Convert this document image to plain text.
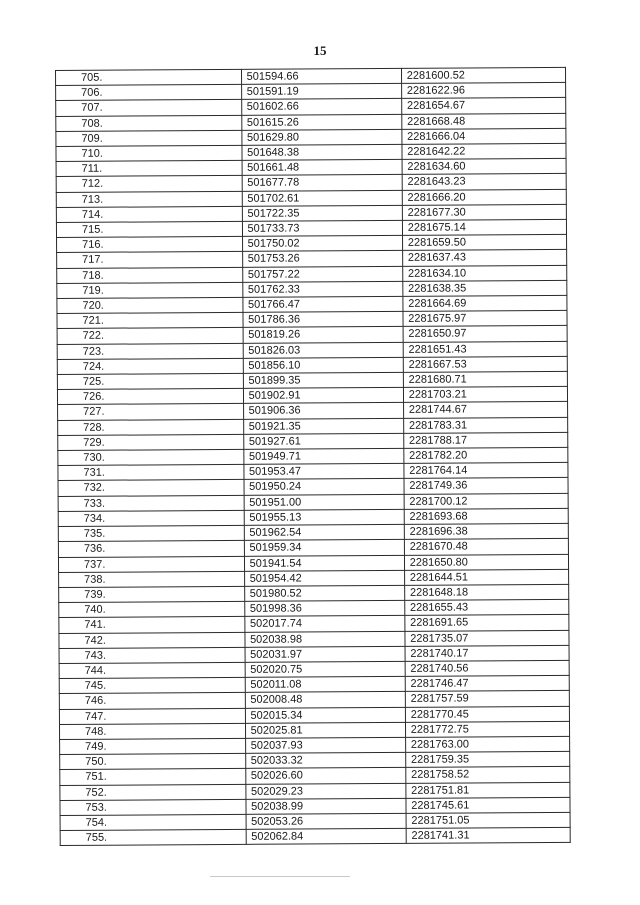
15
705.	501594.66	2281600.52
706.	501591.19	2281622.96
707.	501602.66	2281654.67
708.	501615.26	2281668.48
709.	501629.80	2281666.04
710.	501648.38	2281642.22
711.	501661.48	2281634.60
712.	501677.78	2281643.23
713.	501702.61	2281666.20
714.	501722.35	2281677.30
715.	501733.73	2281675.14
716.	501750.02	2281659.50
717.	501753.26	2281637.43
718.	501757.22	2281634.10
719.	501762.33	2281638.35
720.	501766.47	2281664.69
721.	501786.36	2281675.97
722.	501819.26	2281650.97
723.	501826.03	2281651.43
724.	501856.10	2281667.53
725.	501899.35	2281680.71
726.	501902.91	2281703.21
727.	501906.36	2281744.67
728.	501921.35	2281783.31
729.	501927.61	2281788.17
730.	501949.71	2281782.20
731.	501953.47	2281764.14
732.	501950.24	2281749.36
733.	501951.00	2281700.12
734.	501955.13	2281693.68
735.	501962.54	2281696.38
736.	501959.34	2281670.48
737.	501941.54	2281650.80
738.	501954.42	2281644.51
739.	501980.52	2281648.18
740.	501998.36	2281655.43
741.	502017.74	2281691.65
742.	502038.98	2281735.07
743.	502031.97	2281740.17
744.	502020.75	2281740.56
745.	502011.08	2281746.47
746.	502008.48	2281757.59
747.	502015.34	2281770.45
748.	502025.81	2281772.75
749.	502037.93	2281763.00
750.	502033.32	2281759.35
751.	502026.60	2281758.52
752.	502029.23	2281751.81
753.	502038.99	2281745.61
754.	502053.26	2281751.05
755.	502062.84	2281741.31
